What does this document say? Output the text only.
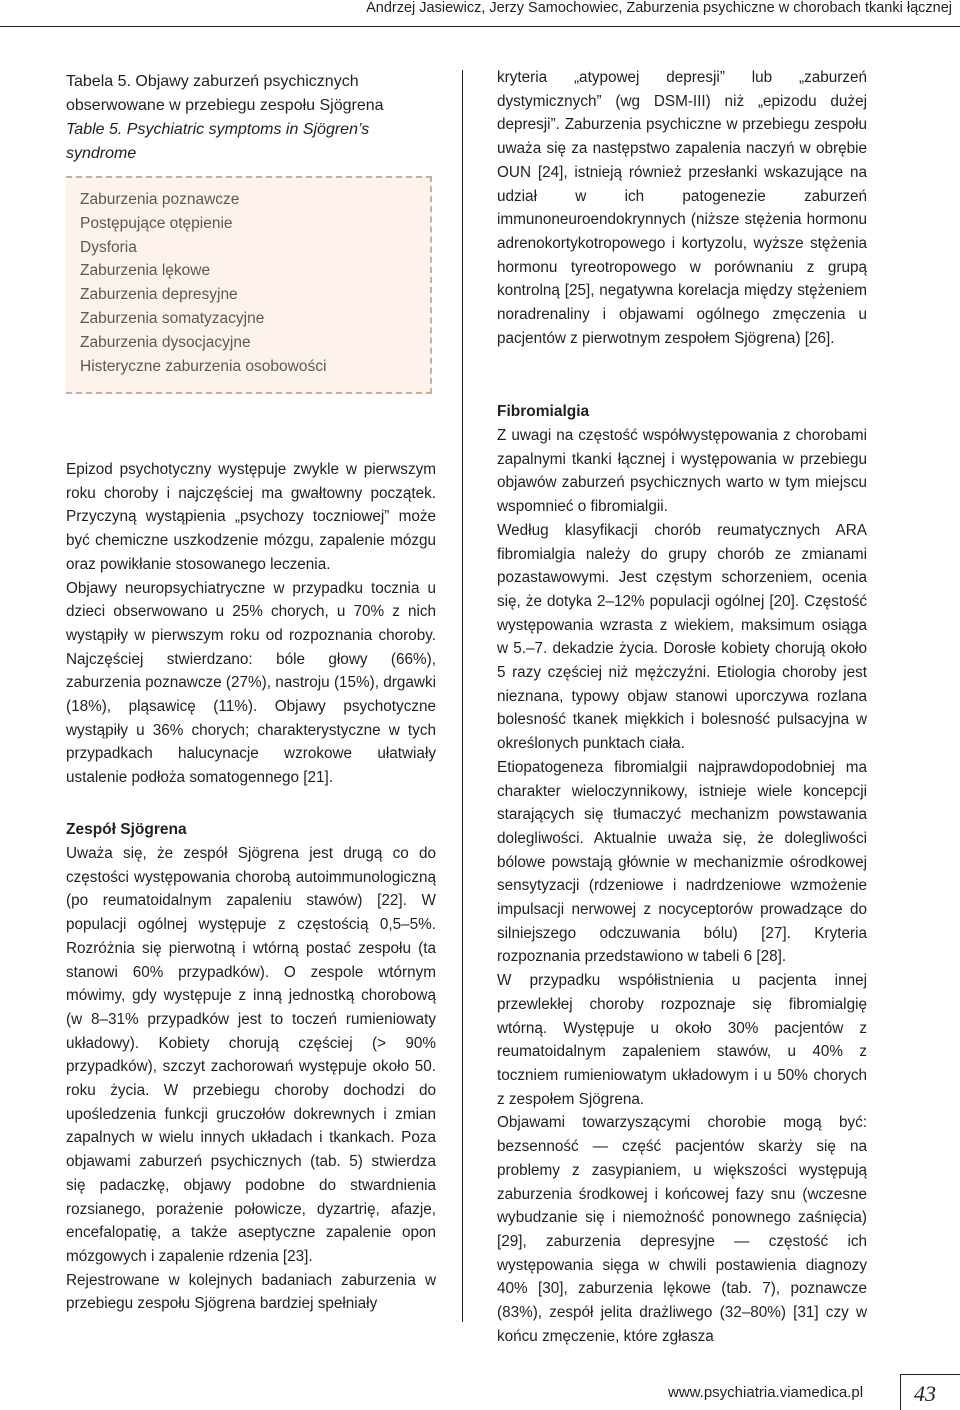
Andrzej Jasiewicz, Jerzy Samochowiec, Zaburzenia psychiczne w chorobach tkanki łącznej
Tabela 5. Objawy zaburzeń psychicznych obserwowane w przebiegu zespołu Sjögrena
Table 5. Psychiatric symptoms in Sjögren’s syndrome
Zaburzenia poznawcze
Postępujące otępienie
Dysforia
Zaburzenia lękowe
Zaburzenia depresyjne
Zaburzenia somatyzacyjne
Zaburzenia dysocjacyjne
Histeryczne zaburzenia osobowości

Epizod psychotyczny występuje zwykle w pierwszym roku choroby i najczęściej ma gwałtowny początek. Przyczyną wystąpienia „psychozy toczniowej” może być chemiczne uszkodzenie mózgu, zapalenie mózgu oraz powikłanie stosowanego leczenia.

Objawy neuropsychiatryczne w przypadku tocznia u dzieci obserwowano u 25% chorych, u 70% z nich wystąpiły w pierwszym roku od rozpoznania choroby. Najczęściej stwierdzano: bóle głowy (66%), zaburzenia poznawcze (27%), nastroju (15%), drgawki (18%), pląsawicę (11%). Objawy psychotyczne wystąpiły u 36% chorych; charakterystyczne w tych przypadkach halucynacje wzrokowe ułatwiały ustalenie podłoża somatogennego [21].

Zespół Sjögrena

Uważa się, że zespół Sjögrena jest drugą co do częstości występowania chorobą autoimmunologiczną (po reumatoidalnym zapaleniu stawów) [22]. W populacji ogólnej występuje z częstością 0,5–5%. Rozróżnia się pierwotną i wtórną postać zespołu (ta stanowi 60% przypadków). O zespole wtórnym mówimy, gdy występuje z inną jednostką chorobową (w 8–31% przypadków jest to toczeń rumieniowaty układowy). Kobiety chorują częściej (> 90% przypadków), szczyt zachorowań występuje około 50. roku życia. W przebiegu choroby dochodzi do upośledzenia funkcji gruczołów dokrewnych i zmian zapalnych w wielu innych układach i tkankach. Poza objawami zaburzeń psychicznych (tab. 5) stwierdza się padaczkę, objawy podobne do stwardnienia rozsianego, porażenie połowicze, dyzartrię, afazje, encefalopatię, a także aseptyczne zapalenie opon mózgowych i zapalenie rdzenia [23].

Rejestrowane w kolejnych badaniach zaburzenia w przebiegu zespołu Sjögrena bardziej spełniały

kryteria „atypowej depresji” lub „zaburzeń dystymicznych” (wg DSM-III) niż „epizodu dużej depresji”. Zaburzenia psychiczne w przebiegu zespołu uważa się za następstwo zapalenia naczyń w obrębie OUN [24], istnieją również przesłanki wskazujące na udział w ich patogenezie zaburzeń immunoneuroendokrynnych (niższe stężenia hormonu adrenokortykotropowego i kortyzolu, wyższe stężenia hormonu tyreotropowego w porównaniu z grupą kontrolną [25], negatywna korelacja między stężeniem noradrenaliny i objawami ogólnego zmęczenia u pacjentów z pierwotnym zespołem Sjögrena) [26].

Fibromialgia

Z uwagi na częstość współwystępowania z chorobami zapalnymi tkanki łącznej i występowania w przebiegu objawów zaburzeń psychicznych warto w tym miejscu wspomnieć o fibromialgii.

Według klasyfikacji chorób reumatycznych ARA fibromialgia należy do grupy chorób ze zmianami pozastawowymi. Jest częstym schorzeniem, ocenia się, że dotyka 2–12% populacji ogólnej [20]. Częstość występowania wzrasta z wiekiem, maksimum osiąga w 5.–7. dekadzie życia. Dorosłe kobiety chorują około 5 razy częściej niż mężczyźni. Etiologia choroby jest nieznana, typowy objaw stanowi uporczywa rozlana bolesność tkanek miękkich i bolesność pulsacyjna w określonych punktach ciała.

Etiopatogeneza fibromialgii najprawdopodobniej ma charakter wieloczynnikowy, istnieje wiele koncepcji starających się tłumaczyć mechanizm powstawania dolegliwości. Aktualnie uważa się, że dolegliwości bólowe powstają głównie w mechanizmie ośrodkowej sensytyzacji (rdzeniowe i nadrdzeniowe wzmożenie impulsacji nerwowej z nocyceptorów prowadzące do silniejszego odczuwania bólu) [27]. Kryteria rozpoznania przedstawiono w tabeli 6 [28].

W przypadku współistnienia u pacjenta innej przewlekłej choroby rozpoznaje się fibromialgię wtórną. Występuje u około 30% pacjentów z reumatoidalnym zapaleniem stawów, u 40% z toczniem rumieniowatym układowym i u 50% chorych z zespołem Sjögrena.

Objawami towarzyszącymi chorobie mogą być: bezsenność — część pacjentów skarży się na problemy z zasypianiem, u większości występują zaburzenia środkowej i końcowej fazy snu (wczesne wybudzanie się i niemożność ponownego zaśnięcia) [29], zaburzenia depresyjne — częstość ich występowania sięga w chwili postawienia diagnozy 40% [30], zaburzenia lękowe (tab. 7), poznawcze (83%), zespół jelita drażliwego (32–80%) [31] czy w końcu zmęczenie, które zgłasza

www.psychiatria.viamedica.pl 43
